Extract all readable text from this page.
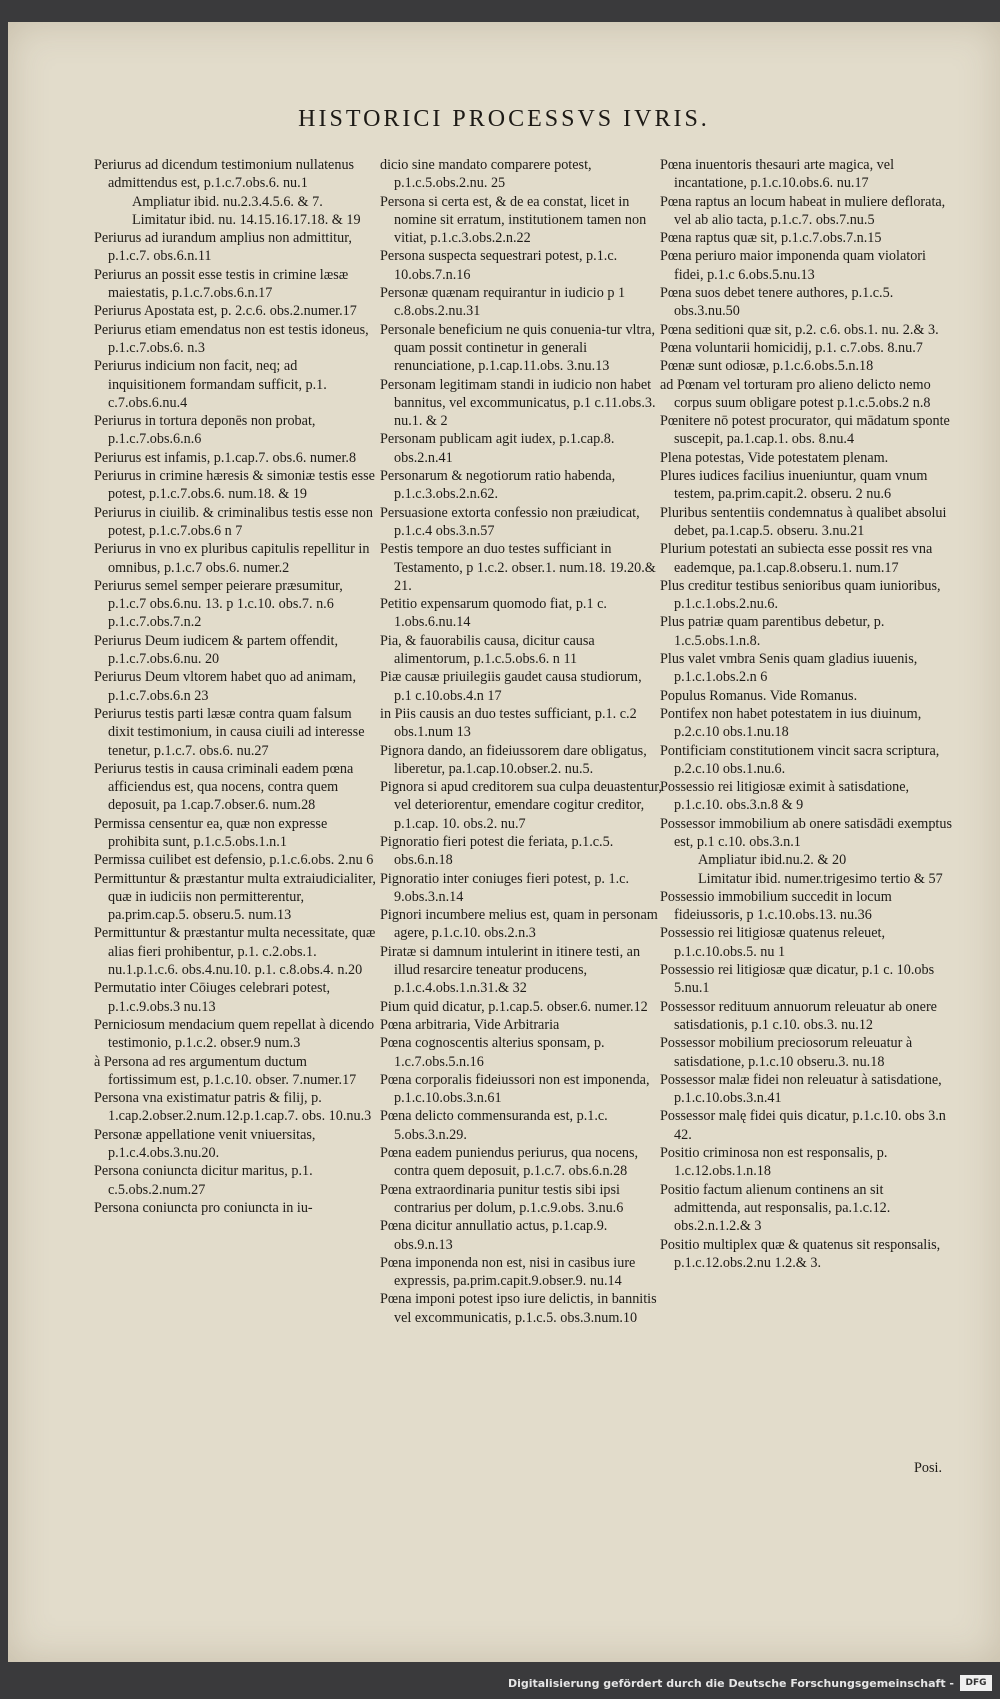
HISTORICI PROCESSVS IVRIS.

Periurus ad dicendum testimonium nullatenus admittendus est, p.1.c.7.obs.6. nu.1

Ampliatur ibid. nu.2.3.4.5.6. & 7.

Limitatur ibid. nu. 14.15.16.17.18. & 19

Periurus ad iurandum amplius non admittitur, p.1.c.7. obs.6.n.11

Periurus an possit esse testis in crimine læsæ maiestatis, p.1.c.7.obs.6.n.17

Periurus Apostata est, p. 2.c.6. obs.2.numer.17

Periurus etiam emendatus non est testis idoneus, p.1.c.7.obs.6. n.3

Periurus indicium non facit, neq; ad inquisitionem formandam sufficit, p.1. c.7.obs.6.nu.4

Periurus in tortura deponēs non probat, p.1.c.7.obs.6.n.6

Periurus est infamis, p.1.cap.7. obs.6. numer.8

Periurus in crimine hæresis & simoniæ testis esse potest, p.1.c.7.obs.6. num.18. & 19

Periurus in ciuilib. & criminalibus testis esse non potest, p.1.c.7.obs.6 n 7

Periurus in vno ex pluribus capitulis repellitur in omnibus, p.1.c.7 obs.6. numer.2

Periurus semel semper peierare præsumitur, p.1.c.7 obs.6.nu. 13. p 1.c.10. obs.7. n.6 p.1.c.7.obs.7.n.2

Periurus Deum iudicem & partem offendit, p.1.c.7.obs.6.nu. 20

Periurus Deum vltorem habet quo ad animam, p.1.c.7.obs.6.n 23

Periurus testis parti læsæ contra quam falsum dixit testimonium, in causa ciuili ad interesse tenetur, p.1.c.7. obs.6. nu.27

Periurus testis in causa criminali eadem pœna afficiendus est, qua nocens, contra quem deposuit, pa 1.cap.7.obser.6. num.28

Permissa censentur ea, quæ non expresse prohibita sunt, p.1.c.5.obs.1.n.1

Permissa cuilibet est defensio, p.1.c.6.obs. 2.nu 6

Permittuntur & præstantur multa extraiudicialiter, quæ in iudiciis non permitterentur, pa.prim.cap.5. obseru.5. num.13

Permittuntur & præstantur multa necessitate, quæ alias fieri prohibentur, p.1. c.2.obs.1. nu.1.p.1.c.6. obs.4.nu.10. p.1. c.8.obs.4. n.20

Permutatio inter Cōiuges celebrari potest, p.1.c.9.obs.3 nu.13

Perniciosum mendacium quem repellat à dicendo testimonio, p.1.c.2. obser.9 num.3

à Persona ad res argumentum ductum fortissimum est, p.1.c.10. obser. 7.numer.17

Persona vna existimatur patris & filij, p. 1.cap.2.obser.2.num.12.p.1.cap.7. obs. 10.nu.3

Personæ appellatione venit vniuersitas, p.1.c.4.obs.3.nu.20.

Persona coniuncta dicitur maritus, p.1. c.5.obs.2.num.27

Persona coniuncta pro coniuncta in iu-

dicio sine mandato comparere potest, p.1.c.5.obs.2.nu. 25

Persona si certa est, & de ea constat, licet in nomine sit erratum, institutionem tamen non vitiat, p.1.c.3.obs.2.n.22

Persona suspecta sequestrari potest, p.1.c. 10.obs.7.n.16

Personæ quænam requirantur in iudicio p 1 c.8.obs.2.nu.31

Personale beneficium ne quis conuenia-tur vltra, quam possit continetur in generali renunciatione, p.1.cap.11.obs. 3.nu.13

Personam legitimam standi in iudicio non habet bannitus, vel excommunicatus, p.1 c.11.obs.3. nu.1. & 2

Personam publicam agit iudex, p.1.cap.8. obs.2.n.41

Personarum & negotiorum ratio habenda, p.1.c.3.obs.2.n.62.

Persuasione extorta confessio non præiudicat, p.1.c.4 obs.3.n.57

Pestis tempore an duo testes sufficiant in Testamento, p 1.c.2. obser.1. num.18. 19.20.& 21.

Petitio expensarum quomodo fiat, p.1 c. 1.obs.6.nu.14

Pia, & fauorabilis causa, dicitur causa alimentorum, p.1.c.5.obs.6. n 11

Piæ causæ priuilegiis gaudet causa studiorum, p.1 c.10.obs.4.n 17

in Piis causis an duo testes sufficiant, p.1. c.2 obs.1.num 13

Pignora dando, an fideiussorem dare obligatus, liberetur, pa.1.cap.10.obser.2. nu.5.

Pignora si apud creditorem sua culpa deuastentur, vel deteriorentur, emendare cogitur creditor, p.1.cap. 10. obs.2. nu.7

Pignoratio fieri potest die feriata, p.1.c.5. obs.6.n.18

Pignoratio inter coniuges fieri potest, p. 1.c. 9.obs.3.n.14

Pignori incumbere melius est, quam in personam agere, p.1.c.10. obs.2.n.3

Piratæ si damnum intulerint in itinere testi, an illud resarcire teneatur producens, p.1.c.4.obs.1.n.31.& 32

Pium quid dicatur, p.1.cap.5. obser.6. numer.12

Pœna arbitraria, Vide Arbitraria

Pœna cognoscentis alterius sponsam, p. 1.c.7.obs.5.n.16

Pœna corporalis fideiussori non est imponenda, p.1.c.10.obs.3.n.61

Pœna delicto commensuranda est, p.1.c. 5.obs.3.n.29.

Pœna eadem puniendus periurus, qua nocens, contra quem deposuit, p.1.c.7. obs.6.n.28

Pœna extraordinaria punitur testis sibi ipsi contrarius per dolum, p.1.c.9.obs. 3.nu.6

Pœna dicitur annullatio actus, p.1.cap.9. obs.9.n.13

Pœna imponenda non est, nisi in casibus iure expressis, pa.prim.capit.9.obser.9. nu.14

Pœna imponi potest ipso iure delictis, in bannitis vel excommunicatis, p.1.c.5. obs.3.num.10

Pœna inuentoris thesauri arte magica, vel incantatione, p.1.c.10.obs.6. nu.17

Pœna raptus an locum habeat in muliere deflorata, vel ab alio tacta, p.1.c.7. obs.7.nu.5

Pœna raptus quæ sit, p.1.c.7.obs.7.n.15

Pœna periuro maior imponenda quam violatori fidei, p.1.c 6.obs.5.nu.13

Pœna suos debet tenere authores, p.1.c.5. obs.3.nu.50

Pœna seditioni quæ sit, p.2. c.6. obs.1. nu. 2.& 3.

Pœna voluntarii homicidij, p.1. c.7.obs. 8.nu.7

Pœnæ sunt odiosæ, p.1.c.6.obs.5.n.18

ad Pœnam vel torturam pro alieno delicto nemo corpus suum obligare potest p.1.c.5.obs.2 n.8

Pœnitere nō potest procurator, qui mādatum sponte suscepit, pa.1.cap.1. obs. 8.nu.4

Plena potestas, Vide potestatem plenam.

Plures iudices facilius inueniuntur, quam vnum testem, pa.prim.capit.2. obseru. 2 nu.6

Pluribus sententiis condemnatus à qualibet absolui debet, pa.1.cap.5. obseru. 3.nu.21

Plurium potestati an subiecta esse possit res vna eademque, pa.1.cap.8.obseru.1. num.17

Plus creditur testibus senioribus quam iunioribus, p.1.c.1.obs.2.nu.6.

Plus patriæ quam parentibus debetur, p. 1.c.5.obs.1.n.8.

Plus valet vmbra Senis quam gladius iuuenis, p.1.c.1.obs.2.n 6

Populus Romanus. Vide Romanus.

Pontifex non habet potestatem in ius diuinum, p.2.c.10 obs.1.nu.18

Pontificiam constitutionem vincit sacra scriptura, p.2.c.10 obs.1.nu.6.

Possessio rei litigiosæ eximit à satisdatione, p.1.c.10. obs.3.n.8 & 9

Possessor immobilium ab onere satisdādi exemptus est, p.1 c.10. obs.3.n.1

Ampliatur ibid.nu.2. & 20

Limitatur ibid. numer.trigesimo tertio & 57

Possessio immobilium succedit in locum fideiussoris, p 1.c.10.obs.13. nu.36

Possessio rei litigiosæ quatenus releuet, p.1.c.10.obs.5. nu 1

Possessio rei litigiosæ quæ dicatur, p.1 c. 10.obs 5.nu.1

Possessor redituum annuorum releuatur ab onere satisdationis, p.1 c.10. obs.3. nu.12

Possessor mobilium preciosorum releuatur à satisdatione, p.1.c.10 obseru.3. nu.18

Possessor malæ fidei non releuatur à satisdatione, p.1.c.10.obs.3.n.41

Possessor malę fidei quis dicatur, p.1.c.10. obs 3.n 42.

Positio criminosa non est responsalis, p. 1.c.12.obs.1.n.18

Positio factum alienum continens an sit admittenda, aut responsalis, pa.1.c.12. obs.2.n.1.2.& 3

Positio multiplex quæ & quatenus sit responsalis, p.1.c.12.obs.2.nu 1.2.& 3.

Posi.
Digitalisierung gefördert durch die Deutsche Forschungsgemeinschaft -	DFG
